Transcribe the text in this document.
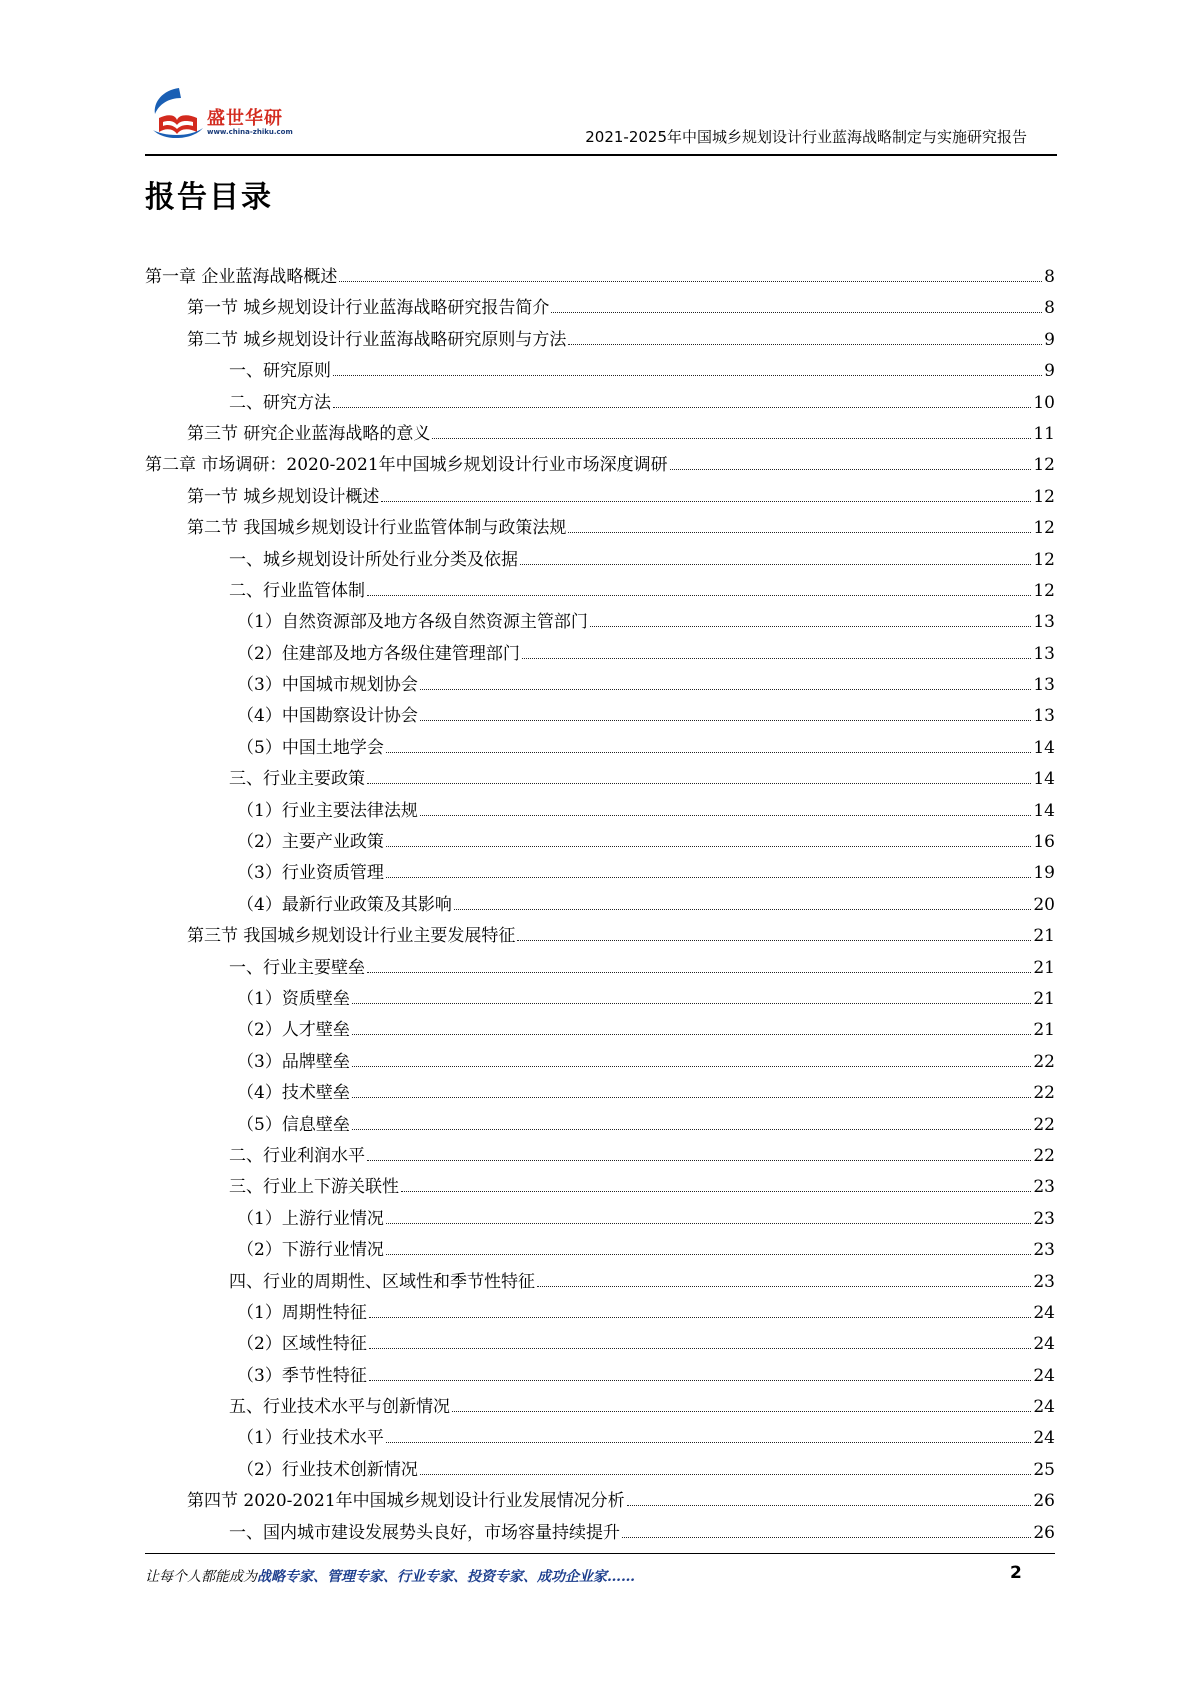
盛世华研
www.china-zhiku.com	2021-2025年中国城乡规划设计行业蓝海战略制定与实施研究报告
报告目录
第一章 企业蓝海战略概述	8
第一节 城乡规划设计行业蓝海战略研究报告简介	8
第二节 城乡规划设计行业蓝海战略研究原则与方法	9
一、研究原则	9
二、研究方法	10
第三节 研究企业蓝海战略的意义	11
第二章 市场调研：2020-2021年中国城乡规划设计行业市场深度调研	12
第一节 城乡规划设计概述	12
第二节 我国城乡规划设计行业监管体制与政策法规	12
一、城乡规划设计所处行业分类及依据	12
二、行业监管体制	12
（1）自然资源部及地方各级自然资源主管部门	13
（2）住建部及地方各级住建管理部门	13
（3）中国城市规划协会	13
（4）中国勘察设计协会	13
（5）中国土地学会	14
三、行业主要政策	14
（1）行业主要法律法规	14
（2）主要产业政策	16
（3）行业资质管理	19
（4）最新行业政策及其影响	20
第三节 我国城乡规划设计行业主要发展特征	21
一、行业主要壁垒	21
（1）资质壁垒	21
（2）人才壁垒	21
（3）品牌壁垒	22
（4）技术壁垒	22
（5）信息壁垒	22
二、行业利润水平	22
三、行业上下游关联性	23
（1）上游行业情况	23
（2）下游行业情况	23
四、行业的周期性、区域性和季节性特征	23
（1）周期性特征	24
（2）区域性特征	24
（3）季节性特征	24
五、行业技术水平与创新情况	24
（1）行业技术水平	24
（2）行业技术创新情况	25
第四节 2020-2021年中国城乡规划设计行业发展情况分析	26
一、国内城市建设发展势头良好，市场容量持续提升	26
让每个人都能成为战略专家、管理专家、行业专家、投资专家、成功企业家……	2
